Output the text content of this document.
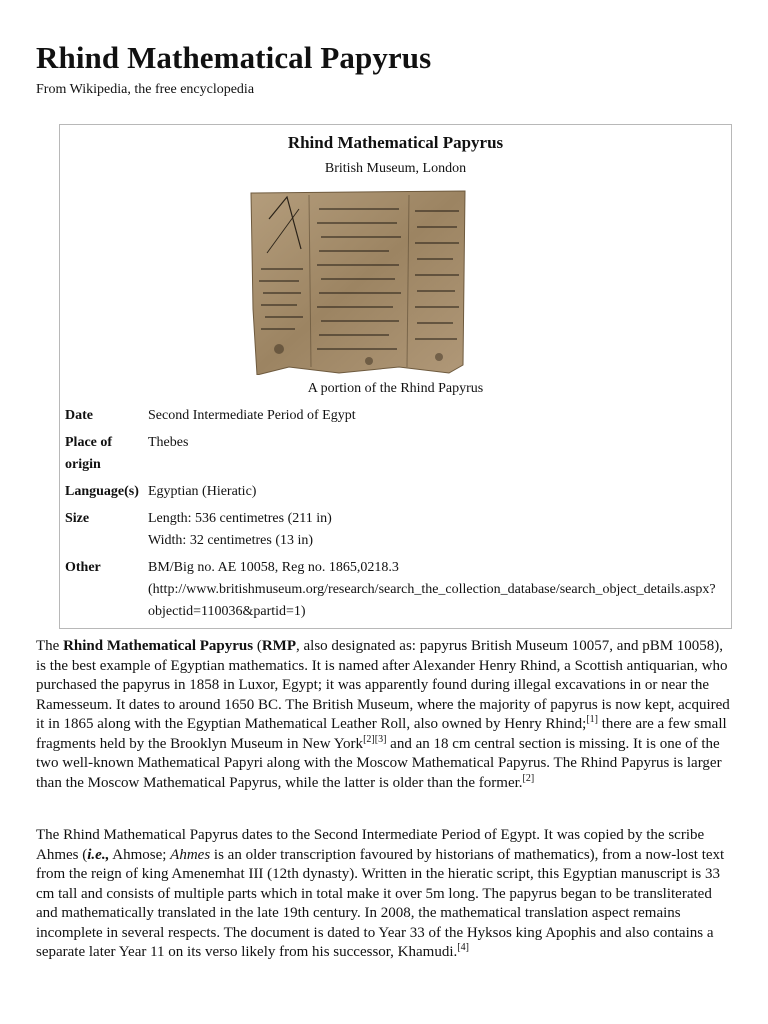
Rhind Mathematical Papyrus
From Wikipedia, the free encyclopedia
Rhind Mathematical Papyrus
British Museum, London
A portion of the Rhind Papyrus
Date	Second Intermediate Period of Egypt

Place of origin	Thebes

Language(s)	Egyptian (Hieratic)

Size	Length: 536 centimetres (211 in)
Width: 32 centimetres (13 in)

Other	BM/Big no. AE 10058, Reg no. 1865,0218.3
(http://www.britishmuseum.org/research/search_the_collection_database/search_object_details.aspx?
objectid=110036&partid=1)

The Rhind Mathematical Papyrus (RMP, also designated as: papyrus British Museum 10057, and pBM 10058), is the best example of Egyptian mathematics. It is named after Alexander Henry Rhind, a Scottish antiquarian, who purchased the papyrus in 1858 in Luxor, Egypt; it was apparently found during illegal excavations in or near the Ramesseum. It dates to around 1650 BC. The British Museum, where the majority of papyrus is now kept, acquired it in 1865 along with the Egyptian Mathematical Leather Roll, also owned by Henry Rhind;[1] there are a few small fragments held by the Brooklyn Museum in New York[2][3] and an 18 cm central section is missing. It is one of the two well-known Mathematical Papyri along with the Moscow Mathematical Papyrus. The Rhind Papyrus is larger than the Moscow Mathematical Papyrus, while the latter is older than the former.[2]

The Rhind Mathematical Papyrus dates to the Second Intermediate Period of Egypt. It was copied by the scribe Ahmes (i.e., Ahmose; Ahmes is an older transcription favoured by historians of mathematics), from a now-lost text from the reign of king Amenemhat III (12th dynasty). Written in the hieratic script, this Egyptian manuscript is 33 cm tall and consists of multiple parts which in total make it over 5m long. The papyrus began to be transliterated and mathematically translated in the late 19th century. In 2008, the mathematical translation aspect remains incomplete in several respects. The document is dated to Year 33 of the Hyksos king Apophis and also contains a separate later Year 11 on its verso likely from his successor, Khamudi.[4]
